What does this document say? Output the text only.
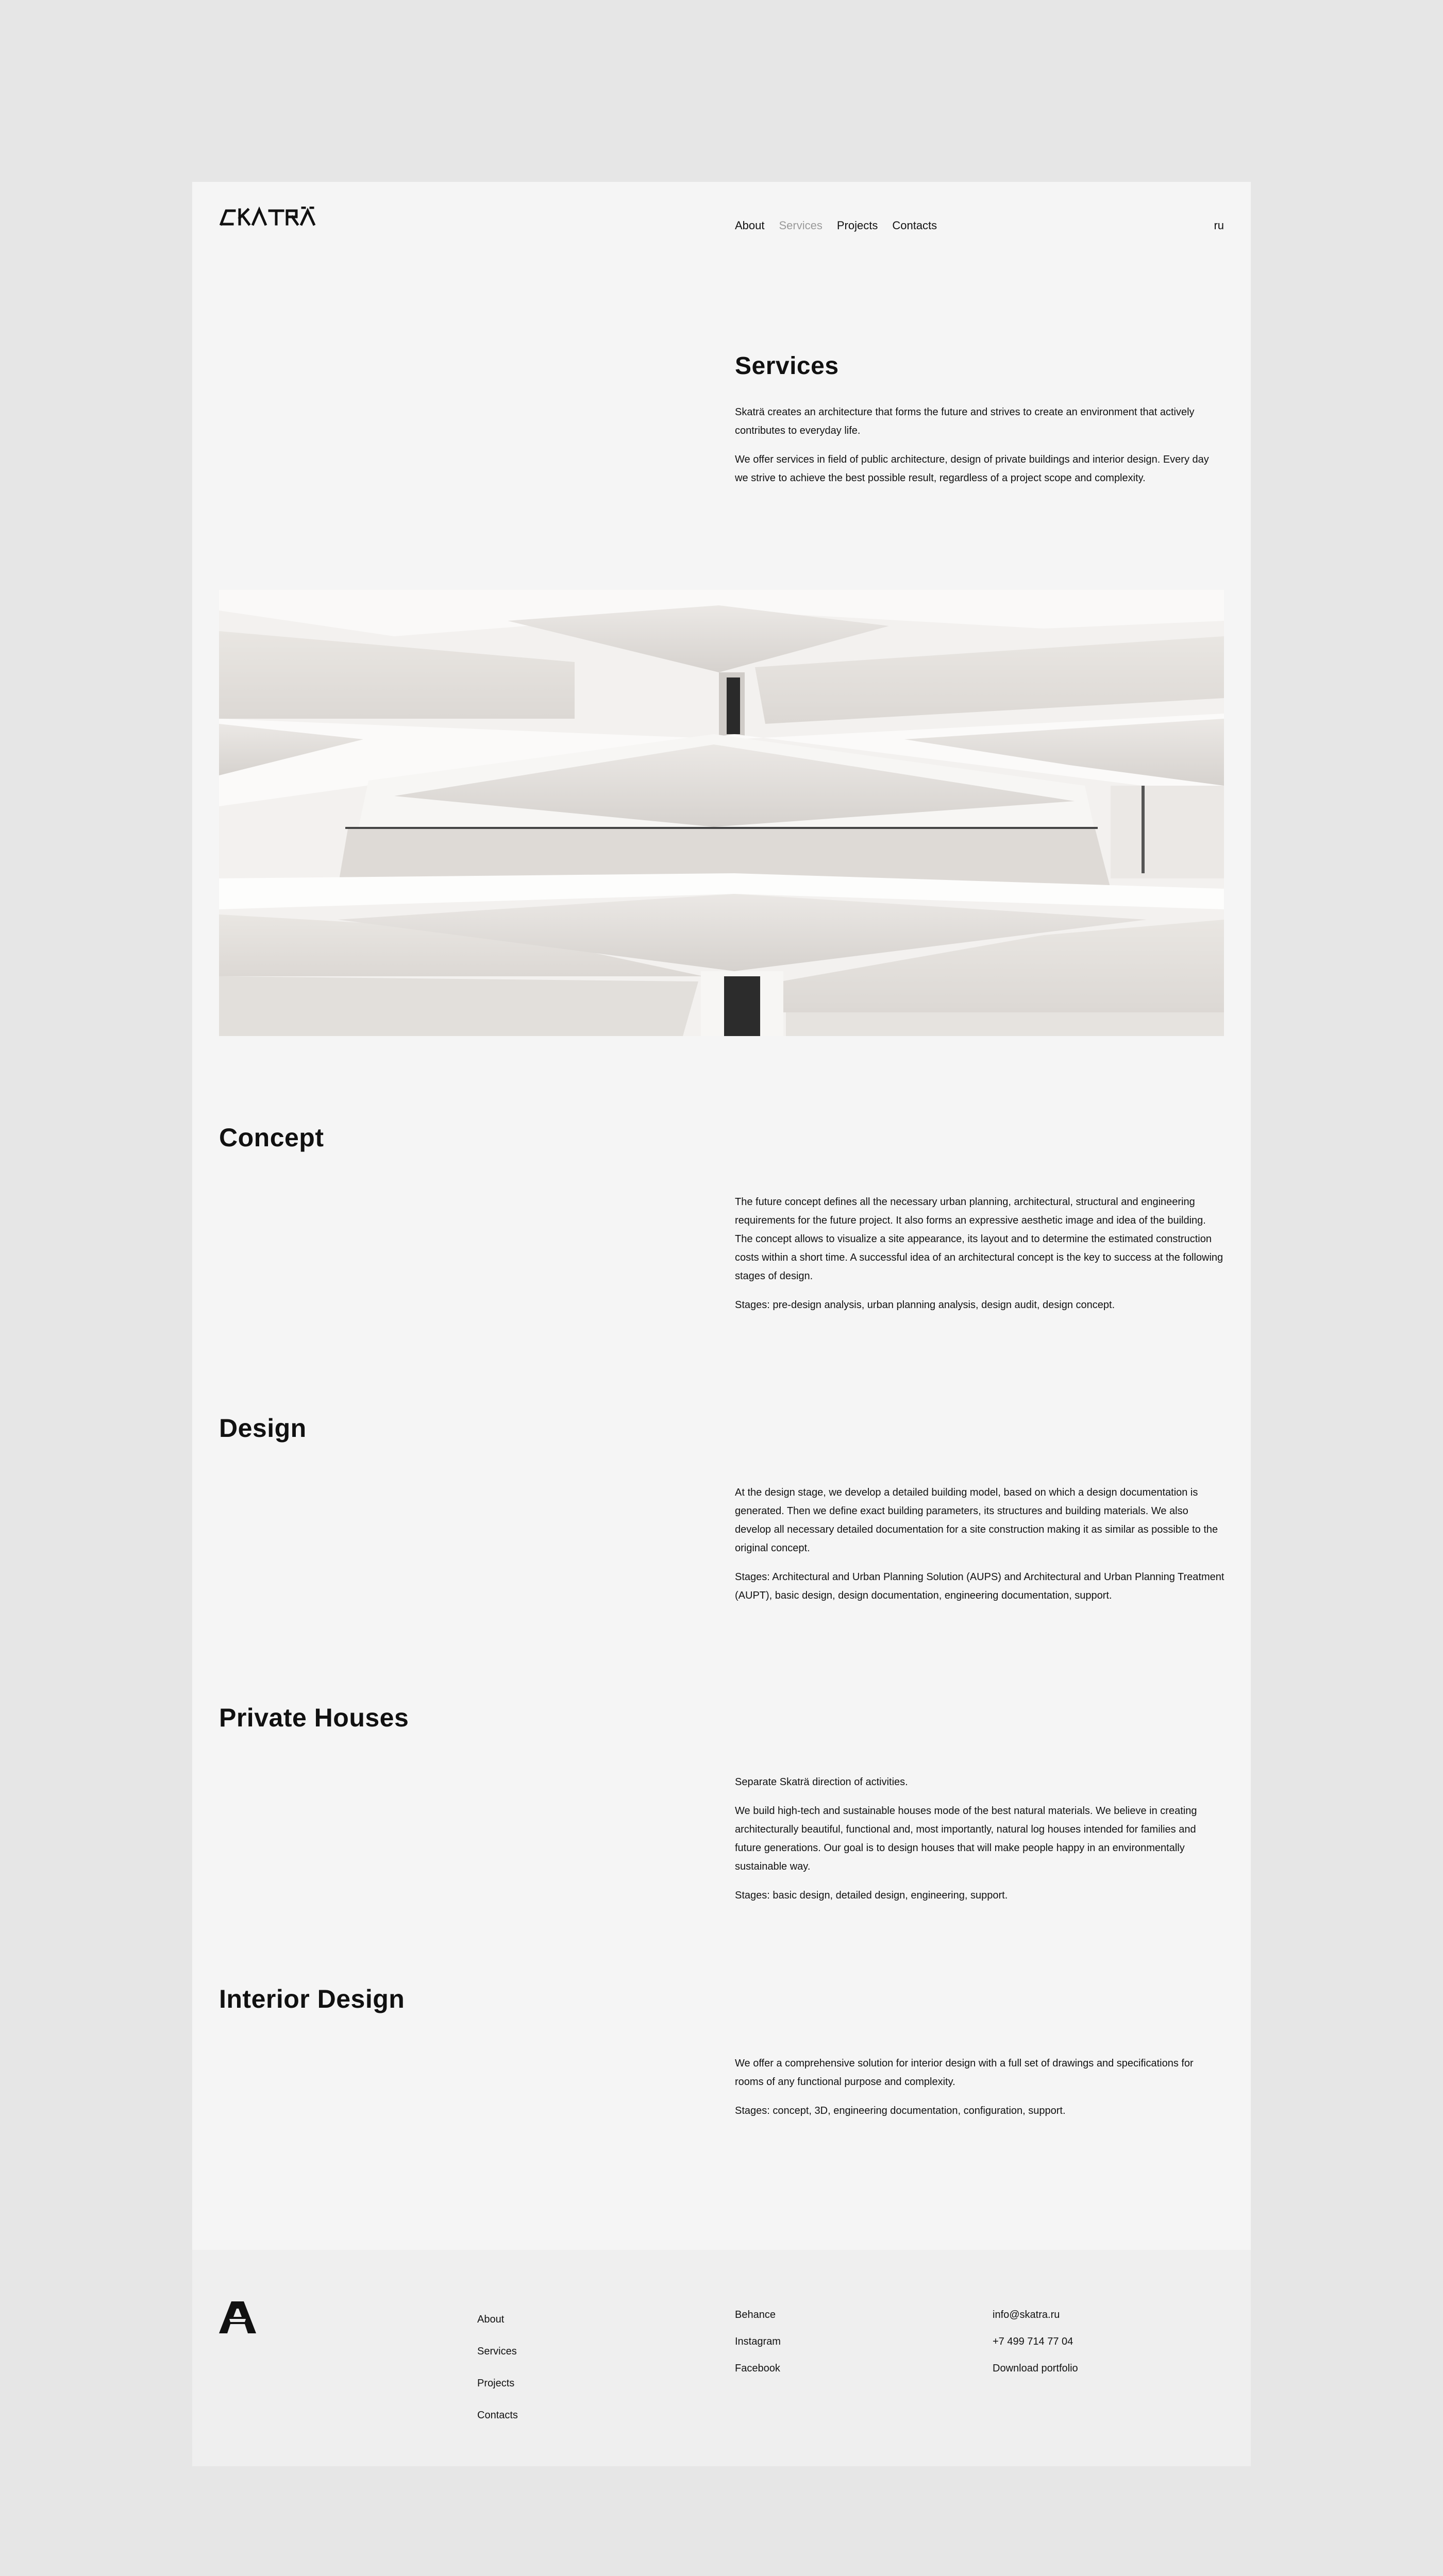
About Services Projects Contacts	ru
Services

Skaträ creates an architecture that forms the future and strives to create an environment that actively contributes to everyday life.

We offer services in field of public architecture, design of private buildings and interior design. Every day we strive to achieve the best possible result, regardless of a project scope and complexity.

Concept

The future concept defines all the necessary urban planning, architectural, structural and engineering requirements for the future project. It also forms an expressive aesthetic image and idea of the building. The concept allows to visualize a site appearance, its layout and to determine the estimated construction costs within a short time. A successful idea of an architectural concept is the key to success at the following stages of design.

Stages: pre-design analysis, urban planning analysis, design audit, design concept.

Design

At the design stage, we develop a detailed building model, based on which a design documentation is generated. Then we define exact building parameters, its structures and building materials. We also develop all necessary detailed documentation for a site construction making it as similar as possible to the original concept.

Stages: Architectural and Urban Planning Solution (AUPS) and Architectural and Urban Planning Treatment (AUPT), basic design, design documentation, engineering documentation, support.

Private Houses

Separate Skaträ direction of activities.

We build high-tech and sustainable houses mode of the best natural materials. We believe in creating architecturally beautiful, functional and, most importantly, natural log houses intended for families and future generations. Our goal is to design houses that will make people happy in an environmentally sustainable way.

Stages: basic design, detailed design, engineering, support.

Interior Design

We offer a comprehensive solution for interior design with a full set of drawings and specifications for rooms of any functional purpose and complexity.

Stages: concept, 3D, engineering documentation, configuration, support.

About
Services
Projects
Contacts
Behance
Instagram
Facebook
info@skatra.ru
+7 499 714 77 04
Download portfolio
